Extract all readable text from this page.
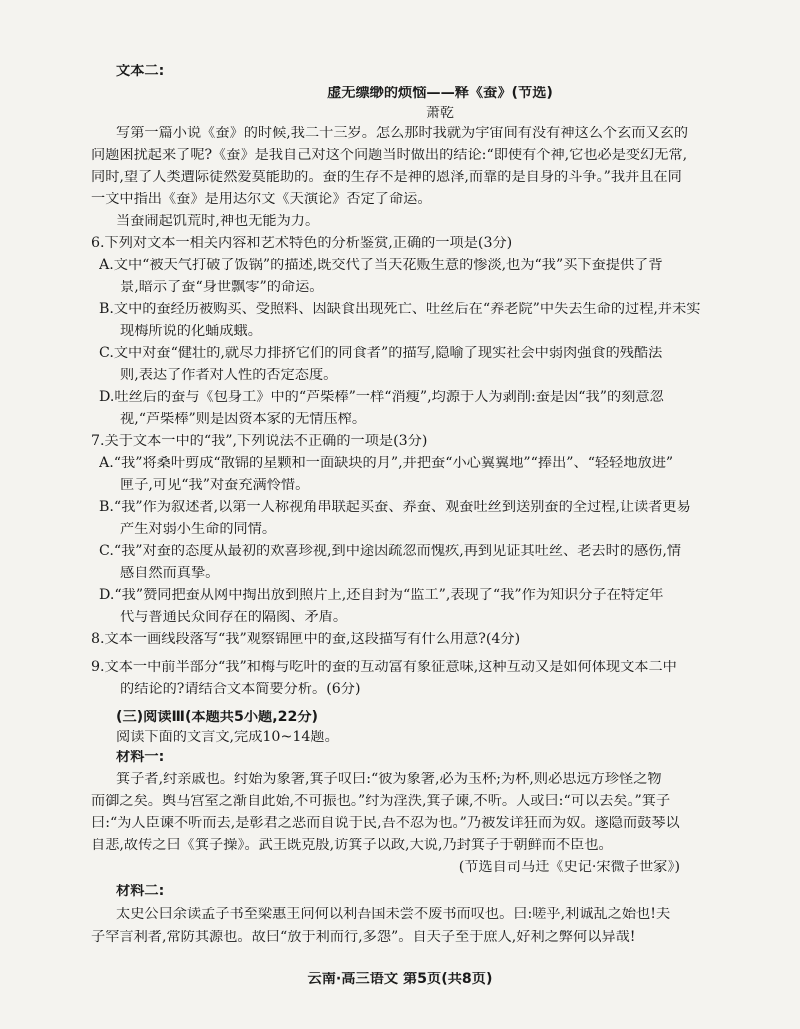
文本二:
虚无缥缈的烦恼——释《蚕》(节选)
萧乾
写第一篇小说《蚕》的时候,我二十三岁。怎么那时我就为宇宙间有没有神这么个玄而又玄的
问题困扰起来了呢?《蚕》是我自己对这个问题当时做出的结论:“即使有个神,它也必是变幻无常,
同时,望了人类遭际徒然爱莫能助的。蚕的生存不是神的恩泽,而靠的是自身的斗争。”我并且在同
一文中指出《蚕》是用达尔文《天演论》否定了命运。
当蚕闹起饥荒时,神也无能为力。
6.下列对文本一相关内容和艺术特色的分析鉴赏,正确的一项是(3分)
A.文中“被天气打破了饭锅”的描述,既交代了当天花贩生意的惨淡,也为“我”买下蚕提供了背
景,暗示了蚕“身世飘零”的命运。
B.文中的蚕经历被购买、受照料、因缺食出现死亡、吐丝后在“养老院”中失去生命的过程,并未实
现梅所说的化蛹成蛾。
C.文中对蚕“健壮的,就尽力排挤它们的同食者”的描写,隐喻了现实社会中弱肉强食的残酷法
则,表达了作者对人性的否定态度。
D.吐丝后的蚕与《包身工》中的“芦柴棒”一样“消瘦”,均源于人为剥削:蚕是因“我”的刻意忽
视,“芦柴棒”则是因资本家的无情压榨。
7.关于文本一中的“我”,下列说法不正确的一项是(3分)
A.“我”将桑叶剪成“散锦的星颗和一面缺块的月”,并把蚕“小心翼翼地”“捧出”、“轻轻地放进”
匣子,可见“我”对蚕充满怜惜。
B.“我”作为叙述者,以第一人称视角串联起买蚕、养蚕、观蚕吐丝到送别蚕的全过程,让读者更易
产生对弱小生命的同情。
C.“我”对蚕的态度从最初的欢喜珍视,到中途因疏忽而愧疚,再到见证其吐丝、老去时的感伤,情
感自然而真挚。
D.“我”赞同把蚕从网中掏出放到照片上,还自封为“监工”,表现了“我”作为知识分子在特定年
代与普通民众间存在的隔阂、矛盾。
8.文本一画线段落写“我”观察锦匣中的蚕,这段描写有什么用意?(4分)
9.文本一中前半部分“我”和梅与吃叶的蚕的互动富有象征意味,这种互动又是如何体现文本二中
的结论的?请结合文本简要分析。(6分)
(三)阅读Ⅲ(本题共5小题,22分)
阅读下面的文言文,完成10~14题。
材料一:
箕子者,纣亲戚也。纣始为象箸,箕子叹曰:“彼为象箸,必为玉杯;为杯,则必思远方珍怪之物
而御之矣。舆马宫室之渐自此始,不可振也。”纣为淫泆,箕子谏,不听。人或曰:“可以去矣。”箕子
曰:“为人臣谏不听而去,是彰君之恶而自说于民,吾不忍为也。”乃被发详狂而为奴。遂隐而鼓琴以
自悲,故传之曰《箕子操》。武王既克殷,访箕子以政,大说,乃封箕子于朝鲜而不臣也。
(节选自司马迁《史记·宋微子世家》)
材料二:
子罕言利者,常防其源也。故曰“放于利而行,多怨”。自天子至于庶人,好利之弊何以异哉!
云南·高三语文 第5页(共8页)
太史公曰余读孟子书至梁惠王问何以利吾国未尝不废书而叹也。曰:嗟乎,利诚乱之始也!夫
